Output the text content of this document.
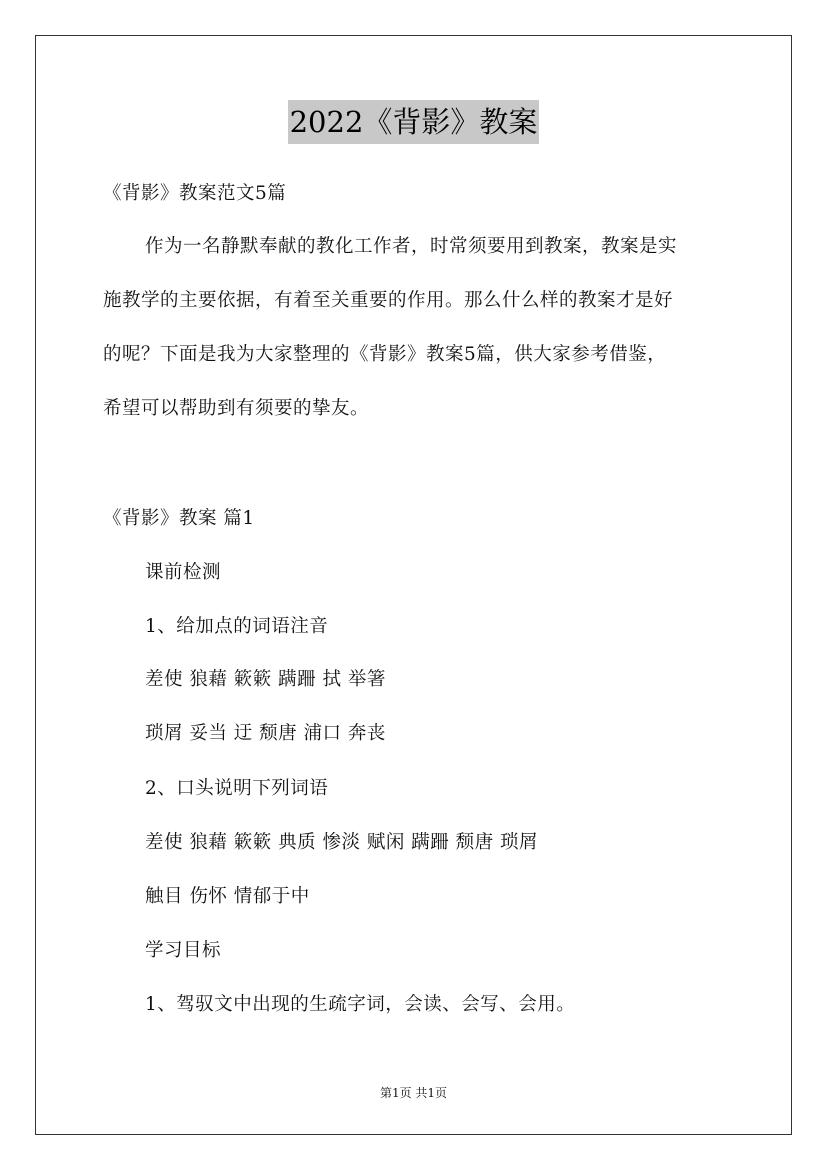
2022《背影》教案
《背影》教案范文5篇
施教学的主要依据，有着至关重要的作用。那么什么样的教案才是好
的呢？下面是我为大家整理的《背影》教案5篇，供大家参考借鉴，
希望可以帮助到有须要的挚友。
《背影》教案 篇1
课前检测
1、给加点的词语注音
差使 狼藉 簌簌 蹒跚 拭 举箸
琐屑 妥当 迂 颓唐 浦口 奔丧
2、口头说明下列词语
差使 狼藉 簌簌 典质 惨淡 赋闲 蹒跚 颓唐 琐屑
触目 伤怀 情郁于中
学习目标
1、驾驭文中出现的生疏字词，会读、会写、会用。
第1页 共1页
作为一名静默奉献的教化工作者，时常须要用到教案，教案是实
